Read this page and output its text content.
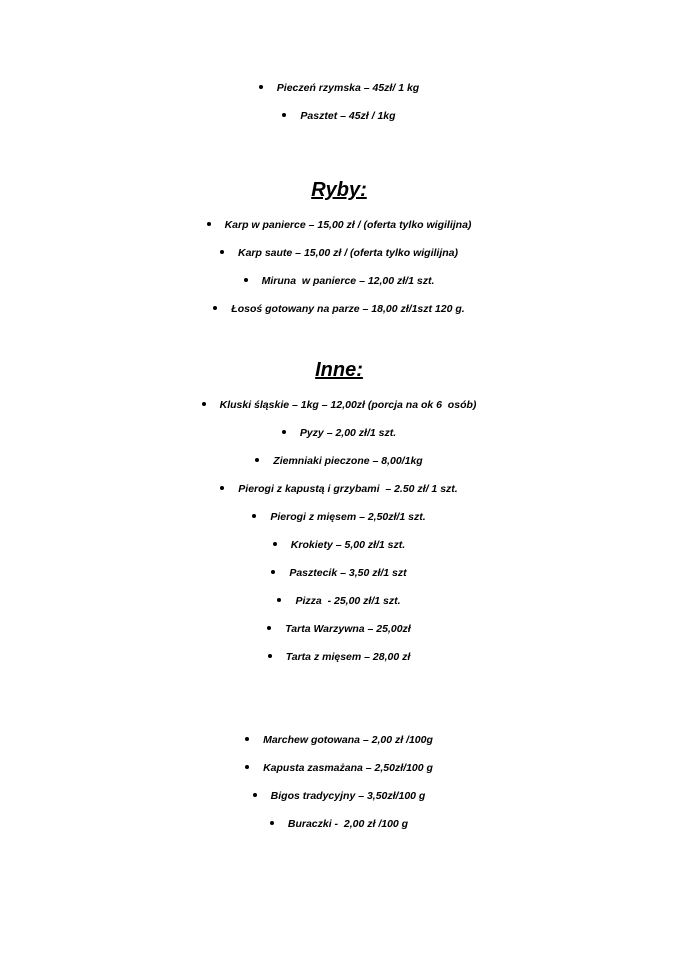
Pieczeń rzymska – 45zł/ 1 kg
Pasztet – 45zł / 1kg
Ryby:
Karp w panierce – 15,00 zł / (oferta tylko wigilijna)
Karp saute – 15,00 zł / (oferta tylko wigilijna)
Miruna  w panierce – 12,00 zł/1 szt.
Łosoś gotowany na parze – 18,00 zł/1szt 120 g.
Inne:
Kluski śląskie – 1kg – 12,00zł (porcja na ok 6  osób)
Pyzy – 2,00 zł/1 szt.
Ziemniaki pieczone – 8,00/1kg
Pierogi z kapustą i grzybami  – 2.50 zł/ 1 szt.
Pierogi z mięsem – 2,50zł/1 szt.
Krokiety – 5,00 zł/1 szt.
Pasztecik – 3,50 zł/1 szt
Pizza  - 25,00 zł/1 szt.
Tarta Warzywna – 25,00zł
Tarta z mięsem – 28,00 zł
Marchew gotowana – 2,00 zł /100g
Kapusta zasmażana – 2,50zł/100 g
Bigos tradycyjny – 3,50zł/100 g
Buraczki -  2,00 zł /100 g
